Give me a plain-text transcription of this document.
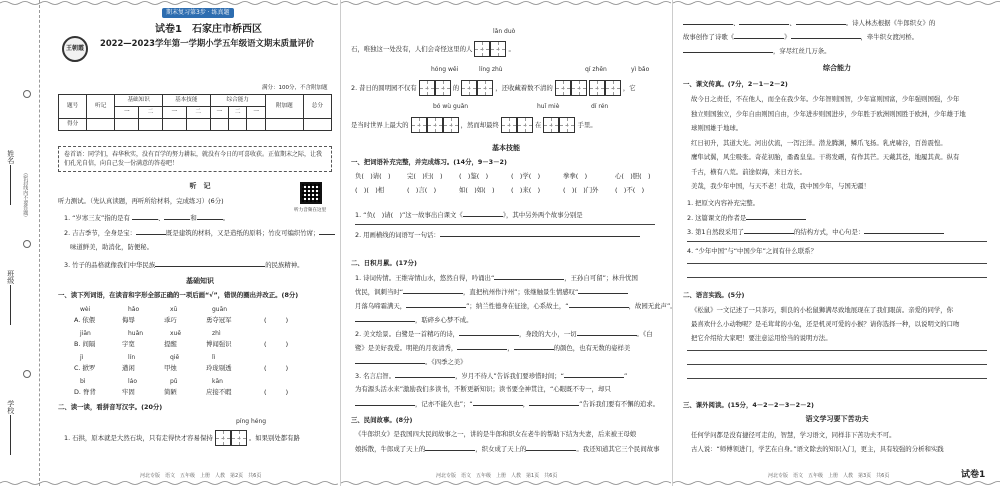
姓名
班级
学校
（密封线内不要答题）
王朝霞
期末复习第3步 · 练真题
试卷1　石家庄市桥西区
2022—2023学年第一学期小学五年级语文期末质量评价
满分：100分，不含附加题
题号	听记	基础知识		基本技能		综合能力			附加题	总分
		一	二	一	二	一	二	一		
得分										
卷首语：同学们，春华秋实，没有百学的努力耕耘，就没有今日的可喜收获。正值期末之际，让我们孔光自信，向自己发一份满意的答卷吧！
听　记
听力测试。（先认真读题，再听所给材料，完成练习）(6分)
听力音频在这里
1. “岁寒三友”指的是有	、	和	。
2. 吉吉季节，全身是宝：	既是建筑的材料，又是造纸的原料；竹皮可编织竹席；
味道鲜美，助消化，防便秘。
3. 竹子的品格就像我们中华民族	的民族精神。
基础知识
一、读下列词语，在读音和字形全部正确的一项后画“√”，错误的圈出并改正。(8分)
wèi	hǎo	xū	guān
A. 依偎	侮辱	乖巧	勇夺冠军	(　　　)
jiān	huǎn	xuē	zhì
B. 间隔	宇宽	提醒	博闻强识	(　　　)
jì	lín	qiē	lì
C. 掀罗	遒闲	甲烛	玲珑剔透	(　　　)
bì	láo	pǔ	kān
D. 脊背	牢固	简陋	应接不暇	(　　　)
二、读一读，看拼音写汉字。(20分)
píng héng
1. 石拱，原本就是大然石块，只有走得快才容易保持	。如果别处都有路
河北专版　语文　五年级　上册　人教　第2页　共6页
lǎn duò
石，唯独这一处没有，人们会奇怪这里的人	。
hóng wěi	líng zhù	qí zhēn	yì bǎo
2. 昔日的圆明园不仅有	的	，还收藏着数不清的	，它
bó wù guǎn	huǐ miè	dí rén
是当时世界上最大的	，然而却最终	在	手里。
基本技能
一、把词语补充完整，并完成练习。(14分，9－3－2)
负(　)请(　)	完(　)归(　)	(　)鉴(　)	(　)学(　)	拳拳(　)	心(　)胆(　)
(　)(　)相	(　)言(　)	如(　)如(　)	(　)来(　)	(　)(　)门外	(　)不(　)
1. “负(　)请(　)”这一故事出自课文《	》，其中另外两个故事分别是
2. 用画横线的词语写一句话：
二、日积月累。(17分)
1. 诗词传情。王维寄情山水，悠然自得，吟诵出“	，王孙自可留”；林升忧国
忧民，讽刺当时“	，直把杭州作汴州”；张继触景生情感叹“
月落乌啼霜满天，	”；纳兰性德身在征途，心系故土，“	，故园无此声”。
，聒碎乡心梦不成。
2. 美文绘景。白鹭是一首精巧的诗，	，身段的大小，一切	。《白
鹭》是美好我爱。明艳的月夜清秀，	，	的颜色，也有无数的姿样美
。《四季之美》
3. 名言启智。	，岁月不待人”告诉我们要珍惜时间；“	”
为有源头活水来”激励我们多读书，不断更新知识；读书要全神贯注，“心眼既不专一，却只
，记亦不能久也”；“	，	”告诉我们要有不懈的追求。
三、民间故事。(8分)
《牛郎织女》是我国四大民间故事之一，讲的是牛郎和织女在老牛的帮助下结为夫妻，后来被王母娘
娘拆散，牛郎成了天上的	，织女成了天上的	。我还知道其它三个民间故事
河北专版　语文　五年级　上册　人教　第1页　共6页
、	、	。诗人林杰根据《牛郎织女》的
故事创作了诗歌《	》	，牵牛织女渡河桥。
，穿尽红丝几万条。
综合能力
一、课文传真。(7分，2－1－2－2)
故今日之责任，不在他人，而全在我少年。少年智则国智，少年富则国富，少年强则国强，少年
独立则国独立，少年自由则国自由，少年进步则国进步，少年胜于欧洲则国胜于欧洲，少年雄于地
球则国雄于地球。
红日初升，其道大光。河出伏流，一泻汪洋。潜龙腾渊，鳞爪飞扬。乳虎啸谷，百兽震惶。
鹰隼试翼，风尘吸张。奇花初胎，矞矞皇皇。干将发硎，有作其芒。天戴其苍，地履其黄。纵有
千古，横有八荒。前途似海，来日方长。
美哉，我少年中国，与天不老！壮哉，我中国少年，与国无疆！
1. 把原文内容补充完整。
2. 这篇课文的作者是
3. 第1自然段采用了	的结构方式，中心句是：
4. “少年中国”与“中国少年”之间有什么联系？
二、语言实践。(5分)
《松鼠》一文记述了一只茶巧，驯良的小松鼠狮满尽致地展现在了我们眼前。亲爱的同学，你
最喜欢什么小动物呢？是毛茸茸的小兔，还是机灵可爱的小猴？请你选择一种，以说明文的口吻
把它介绍给大家吧！要注意运用恰当的说明方法。
三、课外阅读。(15分，4－2－2－3－2－2)
语文学习要下苦功夫
任何学问都是没有捷径可走的，智慧，学习语文，同样非下苦功夫不可。
古人说：“师傅领进门，学艺在自身。”语文除去的知识入门，更主，具有较强的分析和实践
试卷1
河北专版　语文　五年级　上册　人教　第3页　共6页
